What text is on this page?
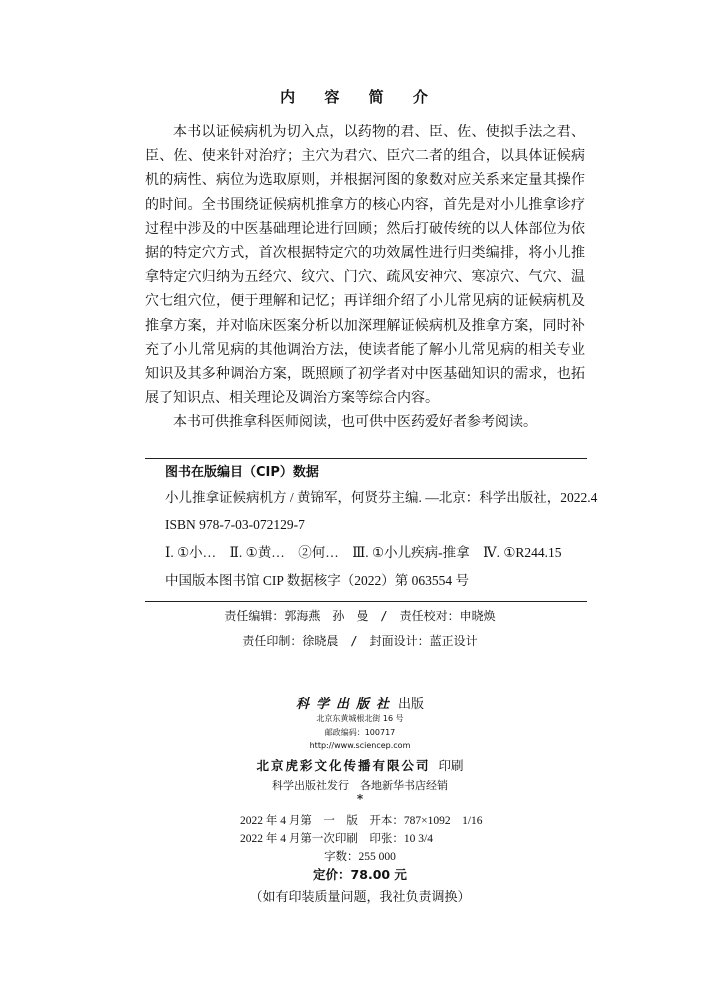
内 容 简 介

本书以证候病机为切入点，以药物的君、臣、佐、使拟手法之君、臣、佐、使来针对治疗；主穴为君穴、臣穴二者的组合，以具体证候病机的病性、病位为选取原则，并根据河图的象数对应关系来定量其操作的时间。全书围绕证候病机推拿方的核心内容，首先是对小儿推拿诊疗过程中涉及的中医基础理论进行回顾；然后打破传统的以人体部位为依据的特定穴方式，首次根据特定穴的功效属性进行归类编排，将小儿推拿特定穴归纳为五经穴、纹穴、门穴、疏风安神穴、寒凉穴、气穴、温穴七组穴位，便于理解和记忆；再详细介绍了小儿常见病的证候病机及推拿方案，并对临床医案分析以加深理解证候病机及推拿方案，同时补充了小儿常见病的其他调治方法，使读者能了解小儿常见病的相关专业知识及其多种调治方案，既照顾了初学者对中医基础知识的需求，也拓展了知识点、相关理论及调治方案等综合内容。

本书可供推拿科医师阅读，也可供中医药爱好者参考阅读。

图书在版编目（CIP）数据
小儿推拿证候病机方 / 黄锦军，何贤芬主编. —北京：科学出版社，2022.4
ISBN 978-7-03-072129-7
Ⅰ. ①小…　Ⅱ. ①黄…　②何…　Ⅲ. ①小儿疾病-推拿　Ⅳ. ①R244.15
中国版本图书馆 CIP 数据核字（2022）第 063554 号
责任编辑：郭海燕　孙　曼　/　责任校对：申晓焕
责任印制：徐晓晨　/　封面设计：蓝正设计
科学出版社 出版
北京东黄城根北街 16 号
邮政编码：100717
http://www.sciencep.com
北京虎彩文化传播有限公司 印刷
科学出版社发行　各地新华书店经销
*
2022 年 4 月第　一　版　开本：787×1092　1/16
2022 年 4 月第一次印刷　印张：10 3/4
字数：255 000
定价：78.00 元
（如有印装质量问题，我社负责调换）
